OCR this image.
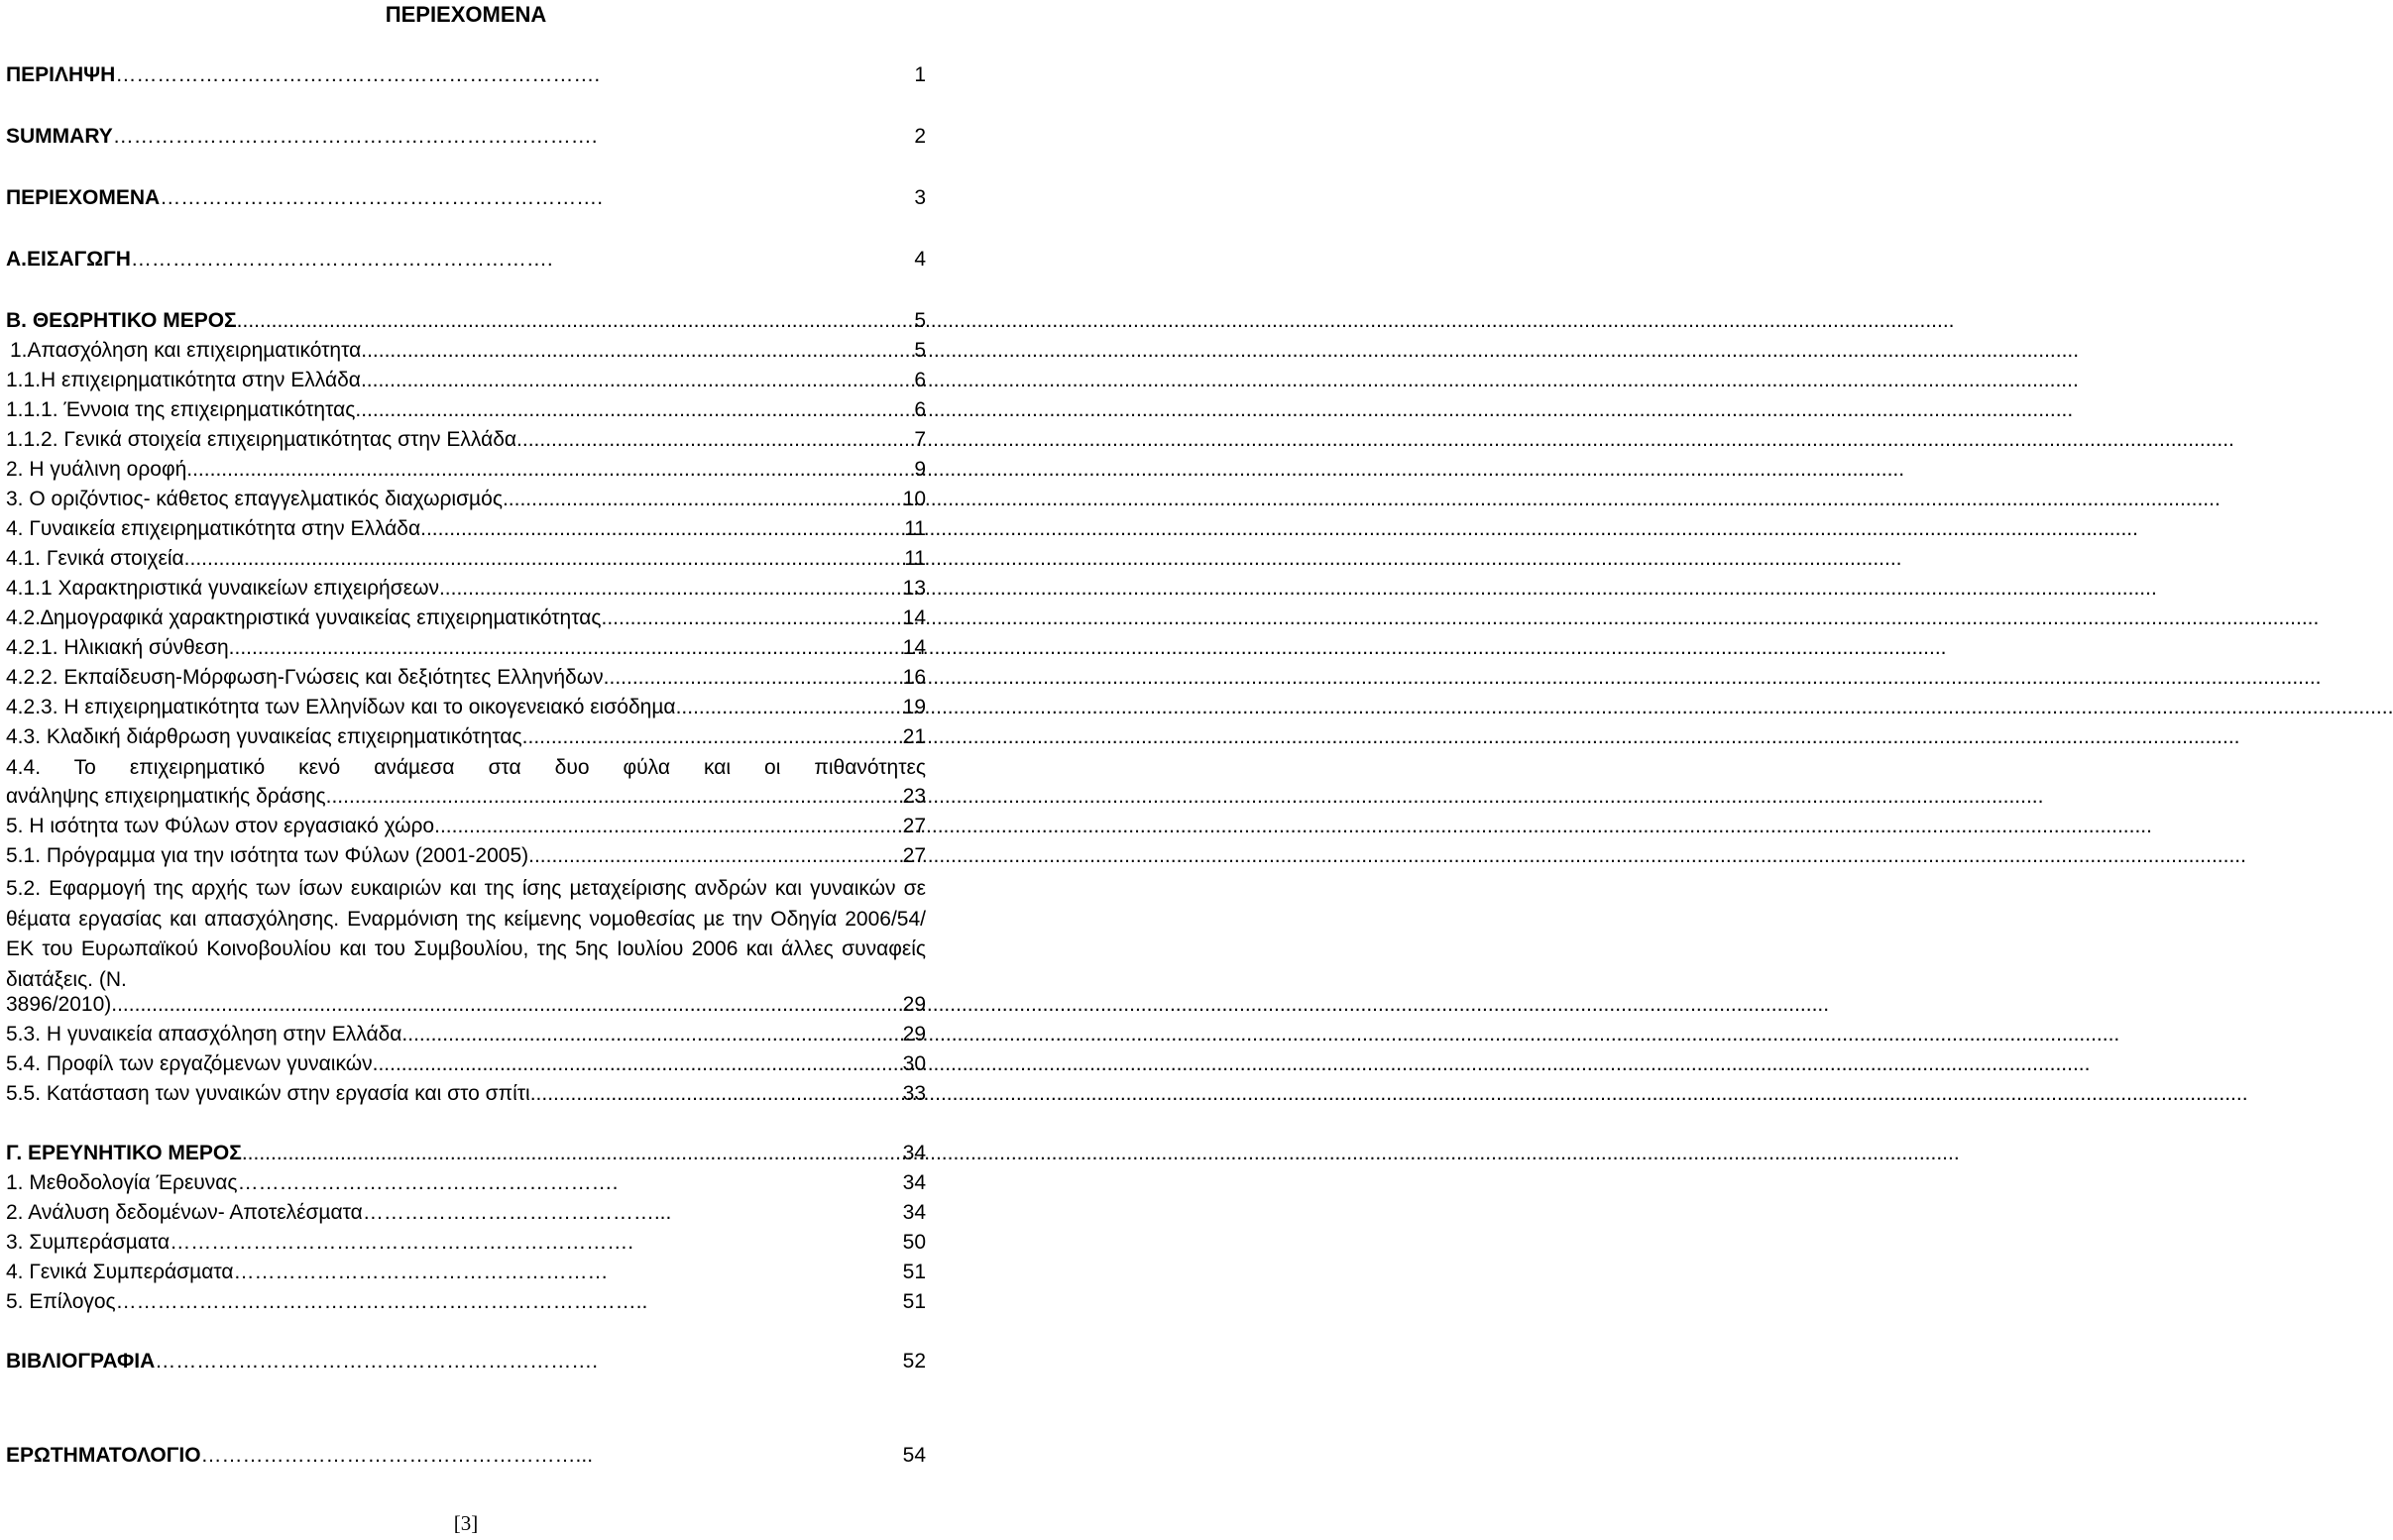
ΠΕΡΙΕΧΟΜΕΝΑ
ΠΕΡΙΛΗΨΗ …………………………………………………………….	1
SUMMARY …………………………………………………………….	2
ΠΕΡΙΕΧΟΜΕΝΑ ……………………………………………………….	3
Α.ΕΙΣΑΓΩΓΗ …………………………………………………….	4
Β. ΘΕΩΡΗΤΙΚΟ ΜΕΡΟΣ .....	5
1.Απασχόληση και επιχειρηµατικότητα .....	5
1.1.Η επιχειρηµατικότητα στην Ελλάδα .....	6
1.1.1. Έννοια της επιχειρηµατικότητας .....	6
1.1.2. Γενικά στοιχεία επιχειρηµατικότητας στην Ελλάδα .....	7
2. Η γυάλινη οροφή .....	9
3. Ο οριζόντιος- κάθετος επαγγελµατικός διαχωρισµός .....	10
4. Γυναικεία επιχειρηµατικότητα στην Ελλάδα .....	11
4.1. Γενικά στοιχεία .....	11
4.1.1 Χαρακτηριστικά γυναικείων επιχειρήσεων .....	13
4.2.∆ηµογραφικά χαρακτηριστικά γυναικείας επιχειρηµατικότητας .....	14
4.2.1. Ηλικιακή σύνθεση .....	14
4.2.2. Εκπαίδευση-Μόρφωση-Γνώσεις και δεξιότητες Ελληνήδων .....	16
4.2.3. Η επιχειρηµατικότητα των Ελληνίδων και το οικογενειακό εισόδηµα .....	19
4.3. Κλαδική διάρθρωση γυναικείας επιχειρηµατικότητας .....	21
4.4. Το επιχειρηµατικό κενό ανάµεσα στα δυο φύλα και οι πιθανότητες
ανάληψης επιχειρηµατικής δράσης .....	23
5. Η ισότητα των Φύλων στον εργασιακό χώρο .....	27
5.1. Πρόγραµµα για την ισότητα των Φύλων (2001-2005) .....	27
5.2. Εφαρµογή της αρχής των ίσων ευκαιριών και της ίσης µεταχείρισης ανδρών και γυναικών σε θέµατα εργασίας και απασχόλησης. Εναρµόνιση της κείµενης νοµοθεσίας µε την Οδηγία 2006/54/ΕΚ του Ευρωπαϊκού Κοινοβουλίου και του Συµβουλίου, της 5ης Ιουλίου 2006 και άλλες συναφείς διατάξεις. (Ν.
3896/2010) .....	29
5.3. Η γυναικεία απασχόληση στην Ελλάδα .....	29
5.4. Προφίλ των εργαζόµενων γυναικών .....	30
5.5. Κατάσταση των γυναικών στην εργασία και στο σπίτι .....	33
Γ. ΕΡΕΥΝΗΤΙΚΟ ΜΕΡΟΣ .....	34
1. Μεθοδολογία Έρευνας ……………………………………………….	34
2. Ανάλυση δεδοµένων- Αποτελέσµατα ……………………………………...	34
3. Συµπεράσµατα ………………………………………………………….	50
4. Γενικά Συµπεράσµατα ………………………………………………	51
5. Επίλογος …………………………………………………………………..	51
ΒΙΒΛΙΟΓΡΑΦΙΑ ……………………………………………………….	52
ΕΡΩΤΗΜΑΤΟΛΟΓΙΟ ………………………………………………...	54
[3]
